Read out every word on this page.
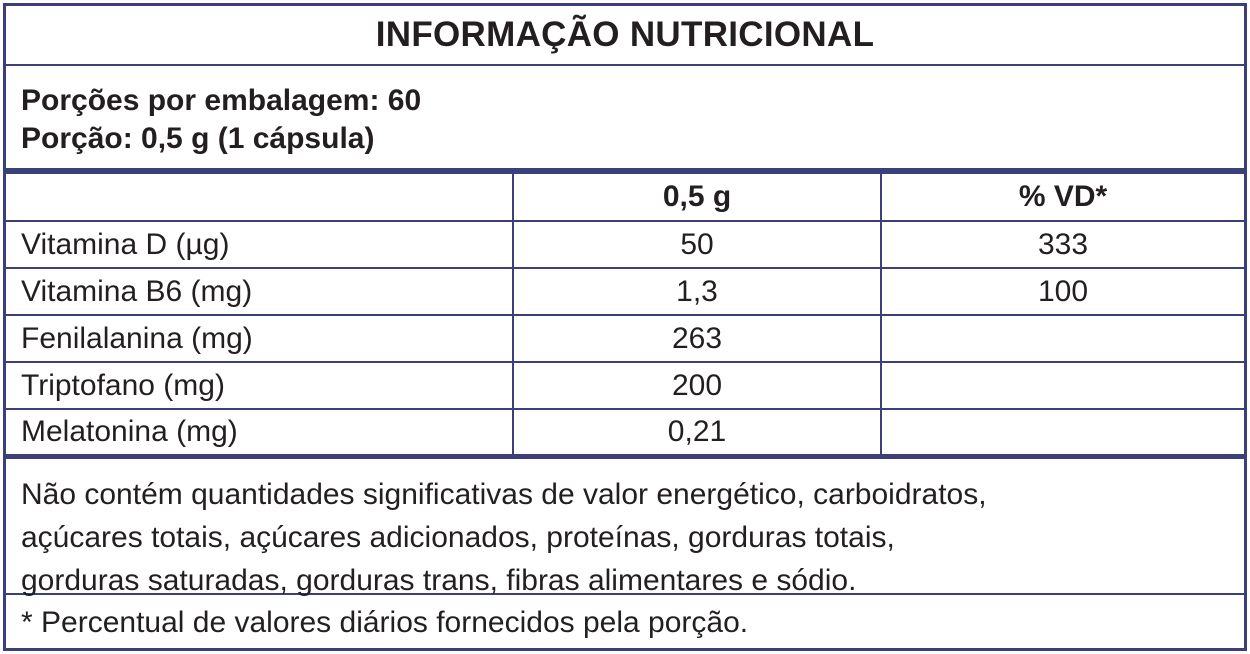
INFORMAÇÃO NUTRICIONAL
Porções por embalagem: 60
Porção: 0,5 g (1 cápsula)
	0,5 g	% VD*
Vitamina D (µg)	50	333
Vitamina B6 (mg)	1,3	100
Fenilalanina (mg)	263	
Triptofano (mg)	200	
Melatonina (mg)	0,21	
Não contém quantidades significativas de valor energético, carboidratos,
açúcares totais, açúcares adicionados, proteínas, gorduras totais,
gorduras saturadas, gorduras trans, fibras alimentares e sódio.
* Percentual de valores diários fornecidos pela porção.
